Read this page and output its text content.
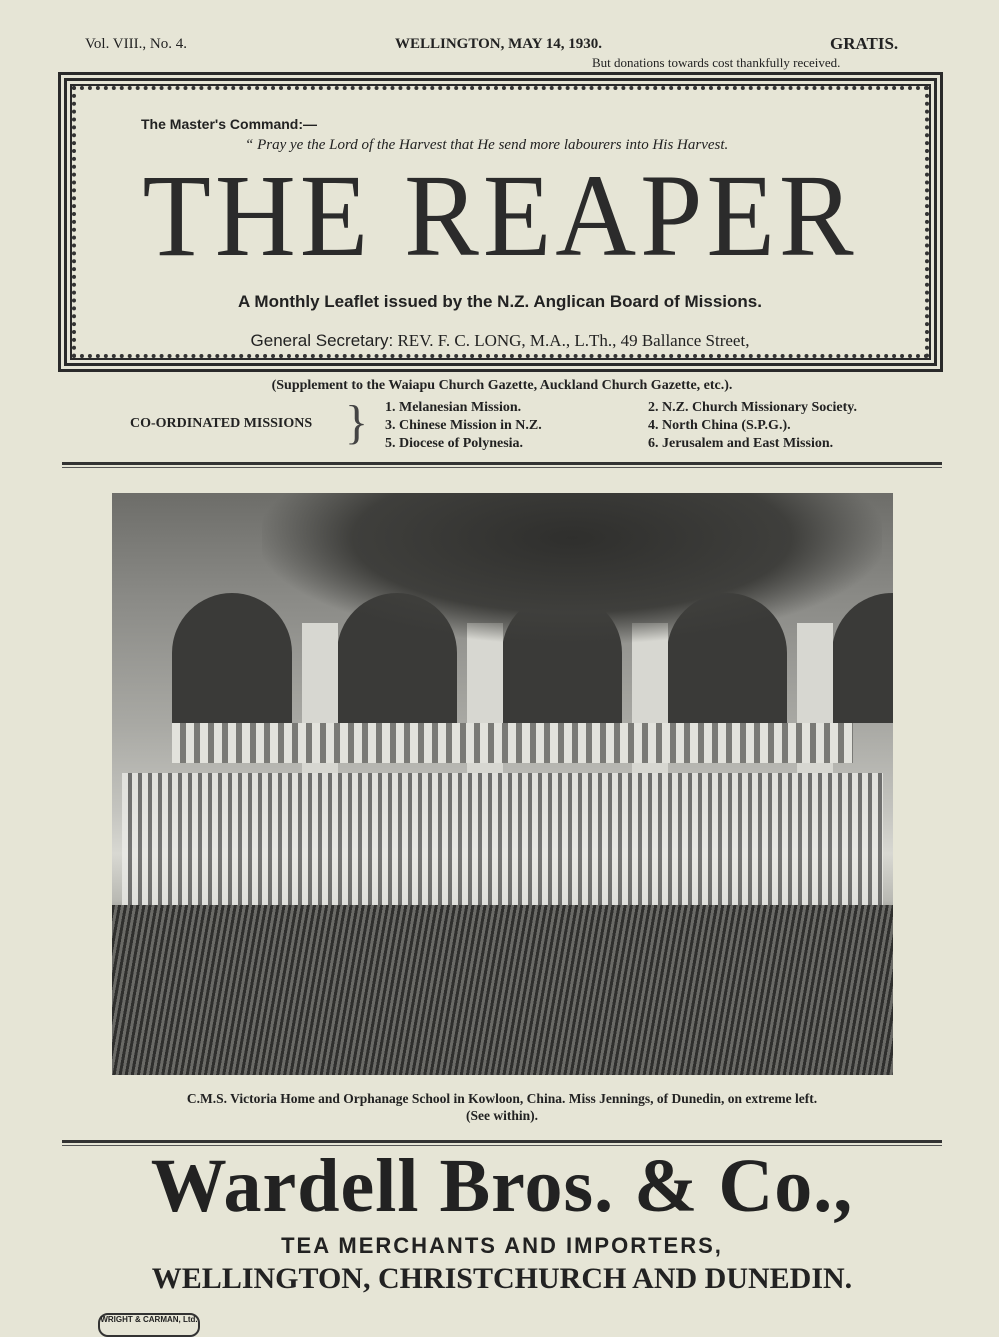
Vol. VIII., No. 4.	WELLINGTON, MAY 14, 1930.	GRATIS.
But donations towards cost thankfully received.
The Master's Command:—
“ Pray ye the Lord of the Harvest that He send more labourers into His Harvest.
THE REAPER
A Monthly Leaflet issued by the N.Z. Anglican Board of Missions.
General Secretary: REV. F. C. LONG, M.A., L.Th., 49 Ballance Street,
(Supplement to the Waiapu Church Gazette, Auckland Church Gazette, etc.).
CO-ORDINATED MISSIONS } 1. Melanesian Mission.	2. N.Z. Church Missionary Society.
3. Chinese Mission in N.Z.	4. North China (S.P.G.).
5. Diocese of Polynesia.	6. Jerusalem and East Mission.
C.M.S. Victoria Home and Orphanage School in Kowloon, China. Miss Jennings, of Dunedin, on extreme left.
(See within).
Wardell Bros. & Co.,
TEA MERCHANTS AND IMPORTERS,
WELLINGTON, CHRISTCHURCH AND DUNEDIN.
WRIGHT & CARMAN, Ltd.
